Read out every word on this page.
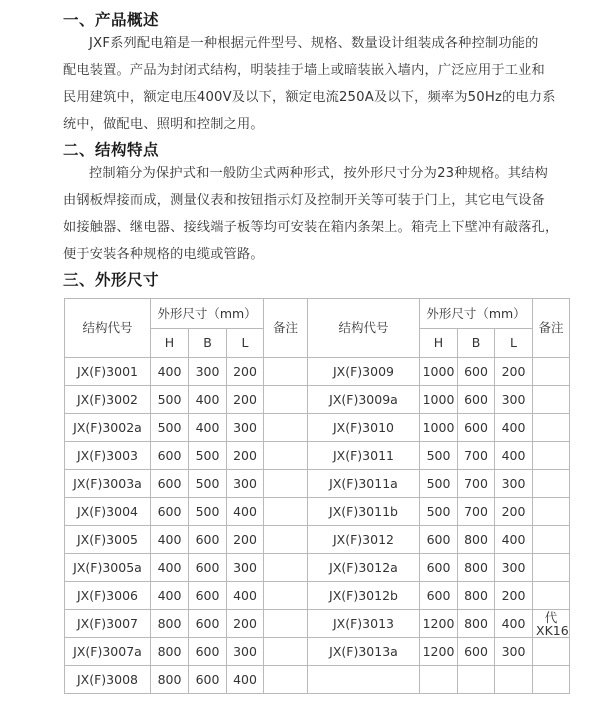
一、产品概述
JXF系列配电箱是一种根据元件型号、规格、数量设计组装成各种控制功能的
配电装置。产品为封闭式结构，明装挂于墙上或暗装嵌入墙内，广泛应用于工业和
民用建筑中，额定电压400V及以下，额定电流250A及以下，频率为50Hz的电力系
统中，做配电、照明和控制之用。
二、结构特点
控制箱分为保护式和一般防尘式两种形式，按外形尺寸分为23种规格。其结构
由钢板焊接而成，测量仪表和按钮指示灯及控制开关等可装于门上，其它电气设备
如接触器、继电器、接线端子板等均可安装在箱内条架上。箱壳上下壁冲有敲落孔，
便于安装各种规格的电缆或管路。
三、外形尺寸
结构代号	外形尺寸（mm）			备注	结构代号	外形尺寸（mm）			备注
	H	B	L			H	B	L	
JX(F)3001	400	300	200		JX(F)3009	1000	600	200	
JX(F)3002	500	400	200		JX(F)3009a	1000	600	300	
JX(F)3002a	500	400	300		JX(F)3010	1000	600	400	
JX(F)3003	600	500	200		JX(F)3011	500	700	400	
JX(F)3003a	600	500	300		JX(F)3011a	500	700	300	
JX(F)3004	600	500	400		JX(F)3011b	500	700	200	
JX(F)3005	400	600	200		JX(F)3012	600	800	400	
JX(F)3005a	400	600	300		JX(F)3012a	600	800	300	
JX(F)3006	400	600	400		JX(F)3012b	600	800	200	
JX(F)3007	800	600	200		JX(F)3013	1200	800	400	代XK16
JX(F)3007a	800	600	300		JX(F)3013a	1200	600	300	
JX(F)3008	800	600	400						
